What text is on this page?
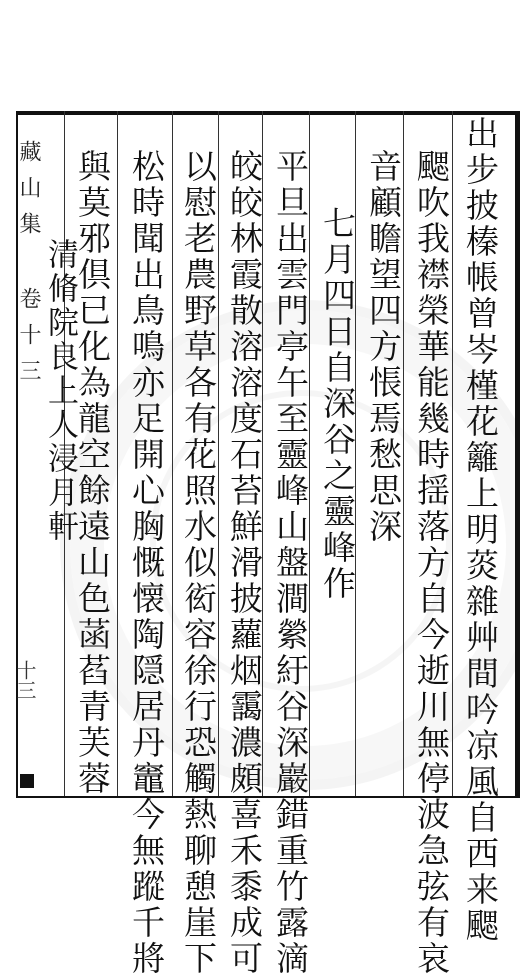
藏山集 卷十三
十三	出步披榛帳曾岑槿花籬上明菼雜艸間吟凉風自西来颸
颸吹我襟榮華能幾時揺落方自今逝川無停波急弦有哀
音顧瞻望四方悵焉愁思深
七月四日自深谷之靈峰作
平旦出雲門亭午至靈峰山盤澗縈紆谷深巖錯重竹露滴
皎皎林霞散溶溶度石苔鮮滑披蘿烟靄濃頗喜禾黍成可
以慰老農野草各有花照水似衒容徐行恐觸熱聊憩崖下
松時聞出鳥鳴亦足開心胸慨懐陶隠居丹竈今無蹤千將
與莫邪倶已化為龍空餘遠山色菡萏青芙蓉
清脩院良上人浸月軒
